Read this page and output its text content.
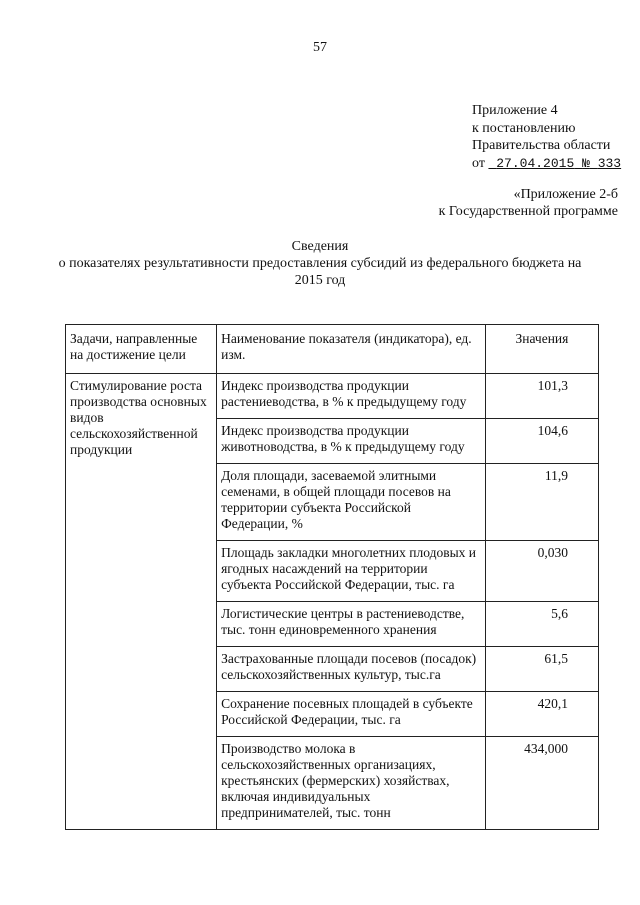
57
Приложение 4
к постановлению
Правительства области
от 27.04.2015 № 333
«Приложение 2-б
к Государственной программе
Сведения
о показателях результативности предоставления субсидий из федерального бюджета на
2015 год
Задачи, направленные на достижение цели	Наименование показателя (индикатора), ед. изм.	Значения
Стимулирование роста производства основных видов сельскохозяйственной продукции	Индекс производства продукции растениеводства, в % к предыдущему году	101,3
	Индекс производства продукции животноводства, в % к предыдущему году	104,6
	Доля площади, засеваемой элитными семенами, в общей площади посевов на территории субъекта Российской Федерации, %	11,9
	Площадь закладки многолетних плодовых и ягодных насаждений на территории субъекта Российской Федерации, тыс. га	0,030
	Логистические центры в растениеводстве, тыс. тонн единовременного хранения	5,6
	Застрахованные площади посевов (посадок) сельскохозяйственных культур, тыс.га	61,5
	Сохранение посевных площадей в субъекте Российской Федерации, тыс. га	420,1
	Производство молока в сельскохозяйственных организациях, крестьянских (фермерских) хозяйствах, включая индивидуальных предпринимателей, тыс. тонн	434,000
